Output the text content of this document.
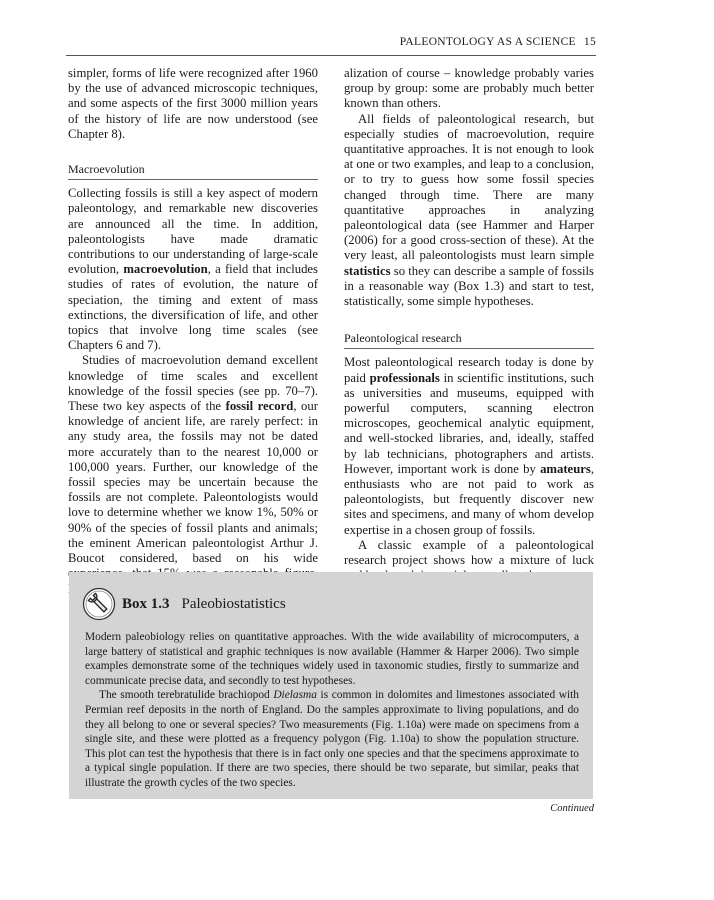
PALEONTOLOGY AS A SCIENCE 15

simpler, forms of life were recognized after 1960 by the use of advanced microscopic techniques, and some aspects of the first 3000 million years of the history of life are now understood (see Chapter 8).

Macroevolution

Collecting fossils is still a key aspect of modern paleontology, and remarkable new discoveries are announced all the time. In addition, paleontologists have made dramatic contributions to our understanding of large-scale evolution, macroevolution, a field that includes studies of rates of evolution, the nature of speciation, the timing and extent of mass extinctions, the diversification of life, and other topics that involve long time scales (see Chapters 6 and 7).

Studies of macroevolution demand excellent knowledge of time scales and excellent knowledge of the fossil species (see pp. 70–7). These two key aspects of the fossil record, our knowledge of ancient life, are rarely perfect: in any study area, the fossils may not be dated more accurately than to the nearest 10,000 or 100,000 years. Further, our knowledge of the fossil species may be uncertain because the fossils are not complete. Paleontologists would love to determine whether we know 1%, 50% or 90% of the species of fossil plants and animals; the eminent American paleontologist Arthur J. Boucot considered, based on his wide

alization of course – knowledge probably varies group by group: some are probably much better known than others.

All fields of paleontological research, but especially studies of macroevolution, require quantitative approaches. It is not enough to look at one or two examples, and leap to a conclusion, or to try to guess how some fossil species changed through time. There are many quantitative approaches in analyzing paleontological data (see Hammer and Harper (2006) for a good cross-section of these). At the very least, all paleontologists must learn simple statistics so they can describe a sample of fossils in a reasonable way (Box 1.3) and start to test, statistically, some simple hypotheses.

Paleontological research

Most paleontological research today is done by paid professionals in scientific institutions, such as universities and museums, equipped with powerful computers, scanning electron microscopes, geochemical analytic equipment, and well-stocked libraries, and, ideally, staffed by lab technicians, photographers and artists. However, important work is done by amateurs, enthusiasts who are not paid to work as paleontologists, but frequently discover new sites and specimens, and many of whom develop expertise in a chosen group of fossils.

A classic example of a paleontological research project shows how a mixture of luck

Box 1.3 Paleobiostatistics

Modern paleobiology relies on quantitative approaches. With the wide availability of microcomputers, a large battery of statistical and graphic techniques is now available (Hammer & Harper 2006). Two simple examples demonstrate some of the techniques widely used in taxonomic studies, firstly to summarize and communicate precise data, and secondly to test hypotheses.

The smooth terebratulide brachiopod Dielasma is common in dolomites and limestones associated with Permian reef deposits in the north of England. Do the samples approximate to living populations, and do they all belong to one or several species? Two measurements (Fig. 1.10a) were made on specimens from a single site, and these were plotted as a frequency polygon (Fig. 1.10a) to show the population structure. This plot can test the hypothesis that there is in fact only one species and that the specimens approximate to a typical single population. If there are two species, there should be two separate, but similar, peaks that illustrate the growth cycles of the two species.

Continued
